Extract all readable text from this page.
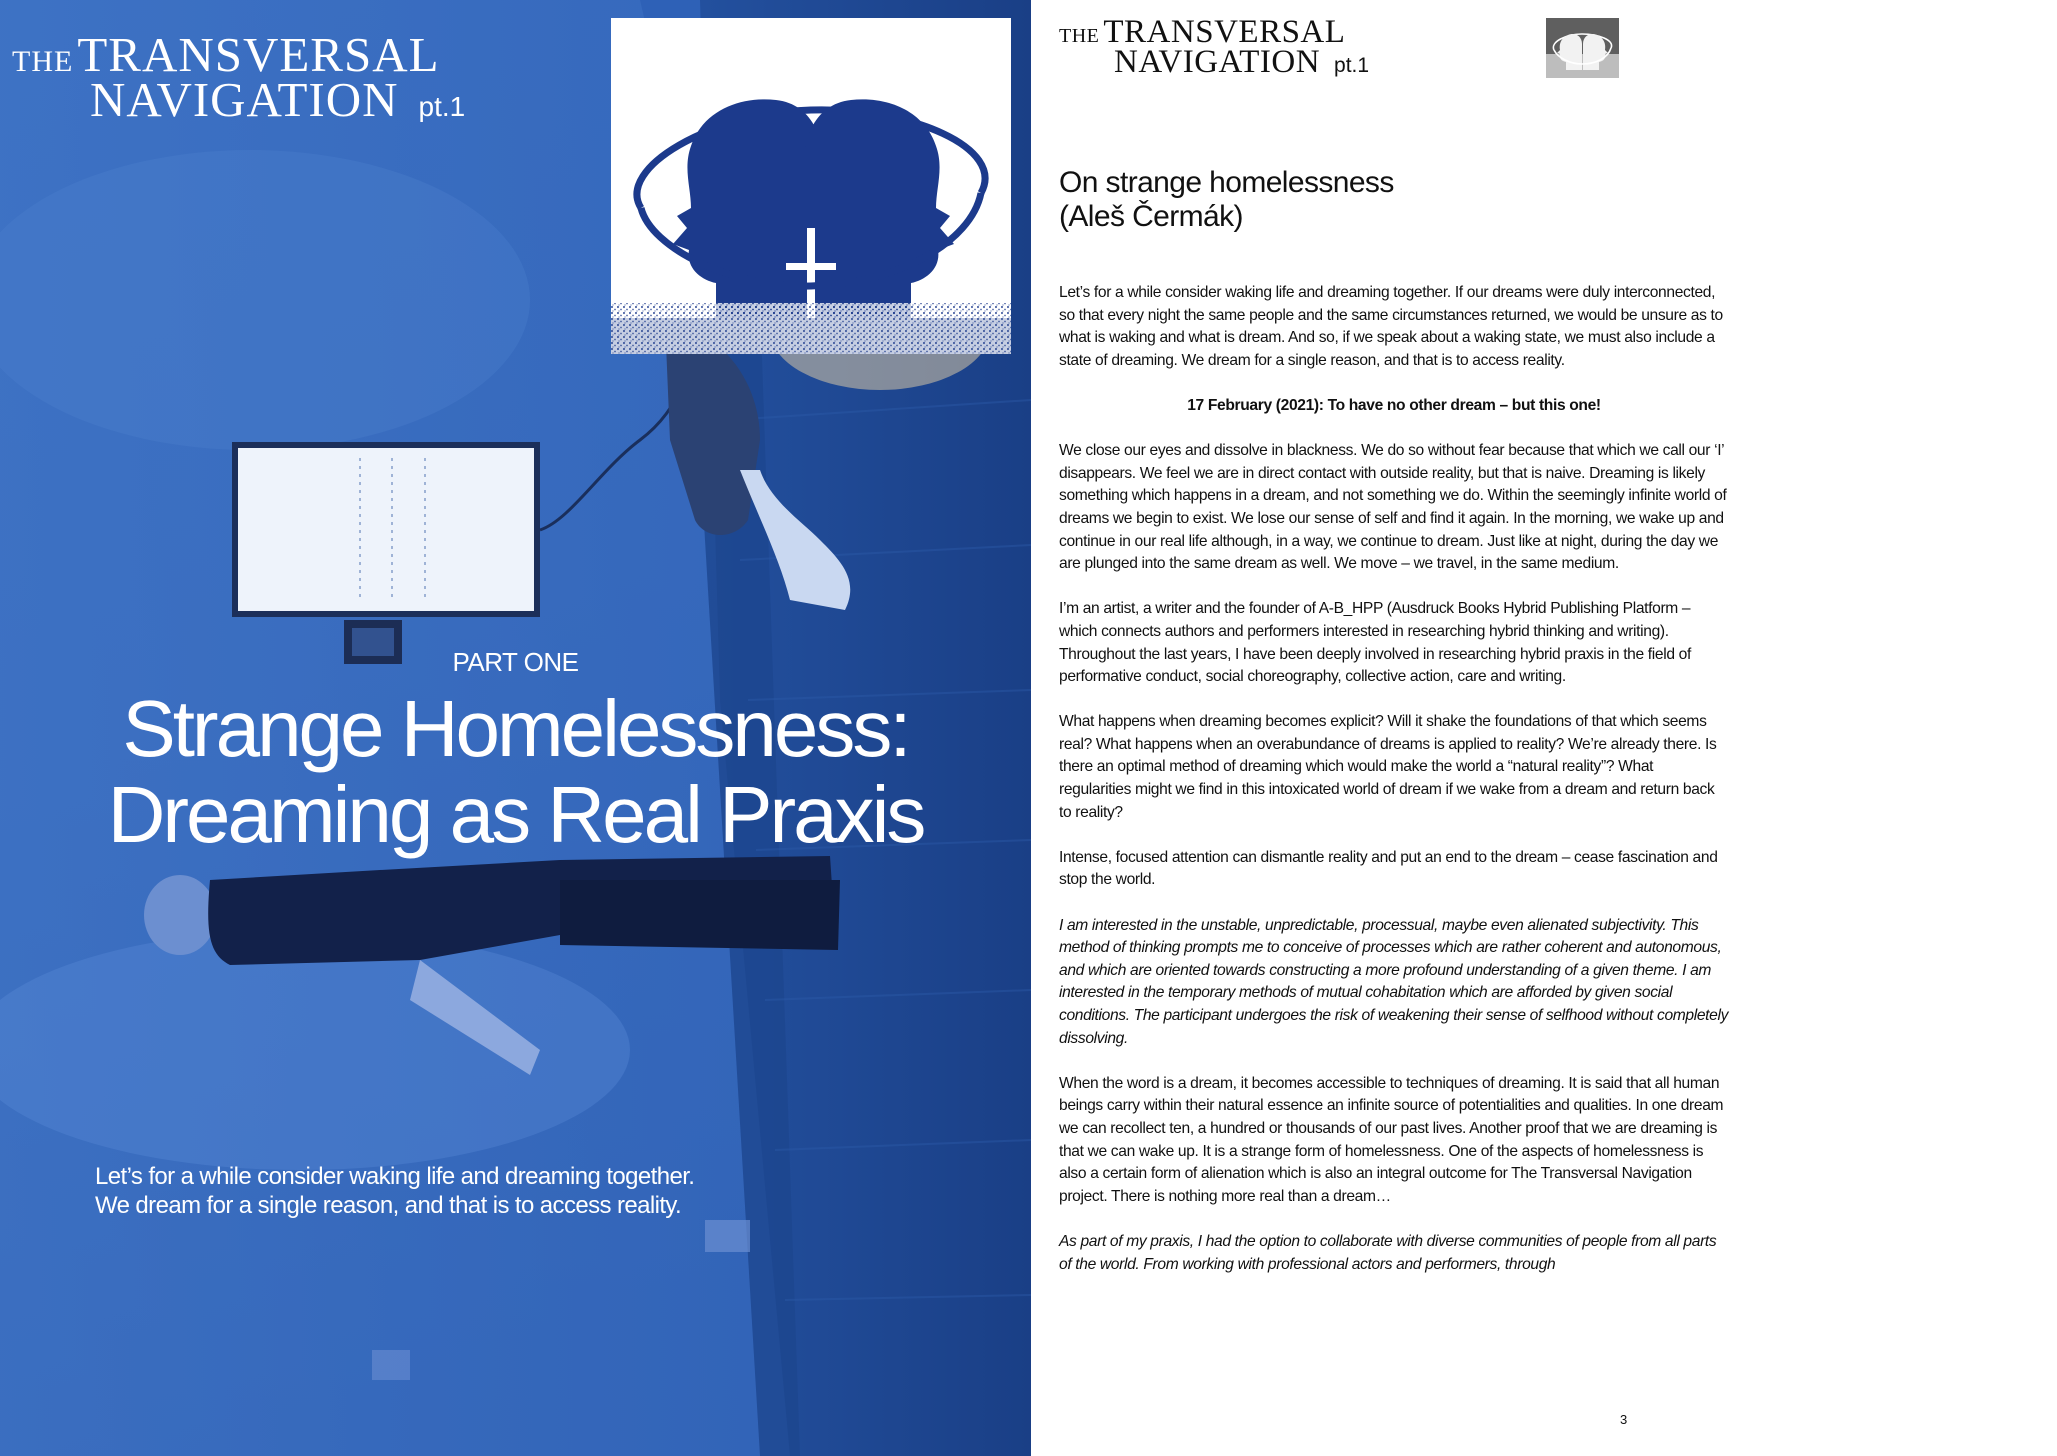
THE TRANSVERSAL
NAVIGATION pt.1
PART ONE
Strange Homelessness:
Dreaming as Real Praxis
Let’s for a while consider waking life and dreaming together.
We dream for a single reason, and that is to access reality.
THE TRANSVERSAL
NAVIGATION pt.1
On strange homelessness
(Aleš Čermák)

Let’s for a while consider waking life and dreaming together. If our dreams were duly interconnected, so that every night the same people and the same circumstances returned, we would be unsure as to what is waking and what is dream. And so, if we speak about a waking state, we must also include a state of dreaming. We dream for a single reason, and that is to access reality.

17 February (2021): To have no other dream – but this one!

We close our eyes and dissolve in blackness. We do so without fear because that which we call our ‘I’ disappears. We feel we are in direct contact with outside reality, but that is naive. Dreaming is likely something which happens in a dream, and not something we do. Within the seemingly infinite world of dreams we begin to exist. We lose our sense of self and find it again. In the morning, we wake up and continue in our real life although, in a way, we continue to dream. Just like at night, during the day we are plunged into the same dream as well. We move – we travel, in the same medium.

I’m an artist, a writer and the founder of A-B_HPP (Ausdruck Books Hybrid Publishing Platform – which connects authors and performers interested in researching hybrid thinking and writing). Throughout the last years, I have been deeply involved in researching hybrid praxis in the field of performative conduct, social choreography, collective action, care and writing.

What happens when dreaming becomes explicit? Will it shake the foundations of that which seems real? What happens when an overabundance of dreams is applied to reality? We’re already there. Is there an optimal method of dreaming which would make the world a “natural reality”? What regularities might we find in this intoxicated world of dream if we wake from a dream and return back to reality?

Intense, focused attention can dismantle reality and put an end to the dream – cease fascination and stop the world.

I am interested in the unstable, unpredictable, processual, maybe even alienated subjectivity. This method of thinking prompts me to conceive of processes which are rather coherent and autonomous, and which are oriented towards constructing a more profound understanding of a given theme. I am interested in the temporary methods of mutual cohabitation which are afforded by given social conditions. The participant undergoes the risk of weakening their sense of selfhood without completely dissolving.

When the word is a dream, it becomes accessible to techniques of dreaming. It is said that all human beings carry within their natural essence an infinite source of potentialities and qualities. In one dream we can recollect ten, a hundred or thousands of our past lives. Another proof that we are dreaming is that we can wake up. It is a strange form of homelessness. One of the aspects of homelessness is also a certain form of alienation which is also an integral outcome for The Transversal Navigation project. There is nothing more real than a dream…

As part of my praxis, I had the option to collaborate with diverse communities of people from all parts of the world. From working with professional actors and performers, through

3
